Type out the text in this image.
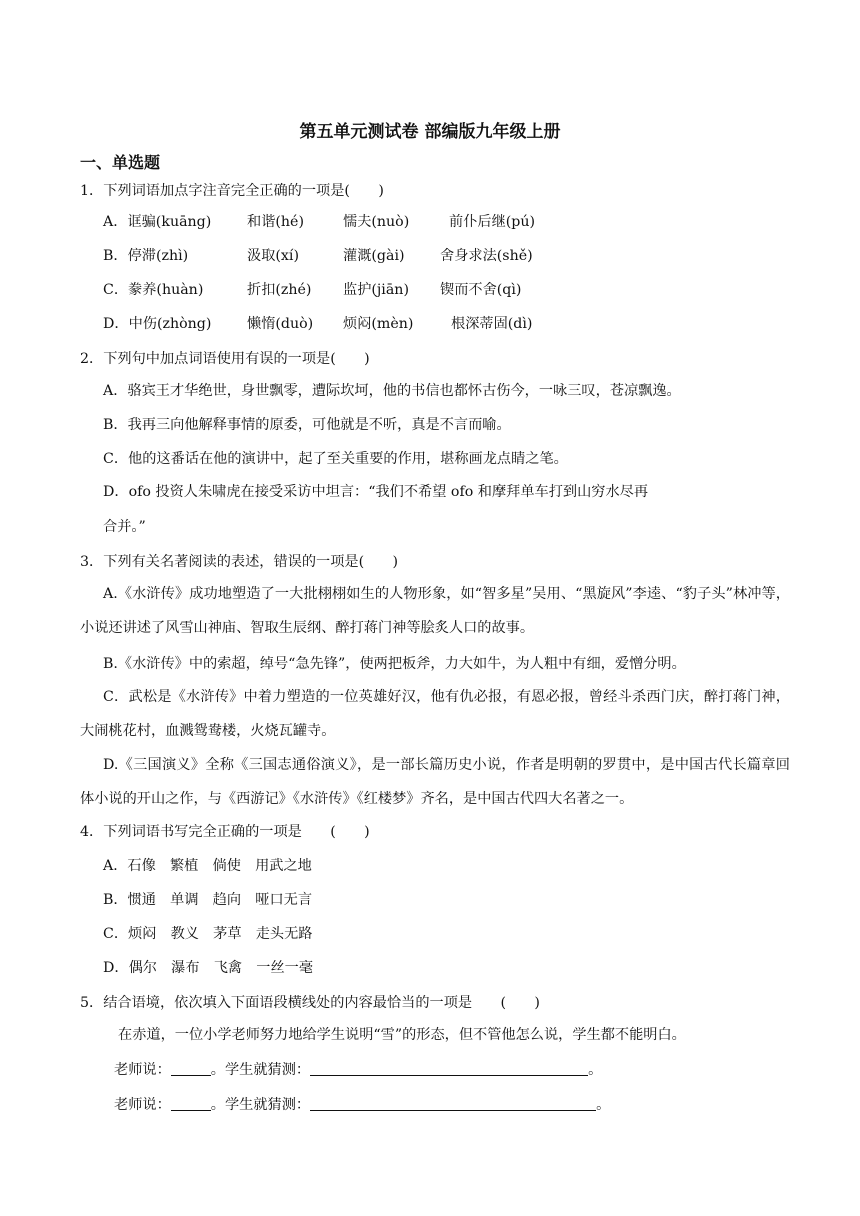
第五单元测试卷 部编版九年级上册
一、单选题
1．下列词语加点字注音完全正确的一项是(　　)
A．诓骗(kuāng)	和谐(hé)	懦夫(nuò)	前仆后继(pú)
B．停滞(zhì)	汲取(xí)	灌溉(gài) 舍身求法(shě)
C．豢养(huàn)	折扣(zhé) 监护(jiān) 锲而不舍(qì)
D．中伤(zhòng)	懒惰(duò) 烦闷(mèn)	根深蒂固(dì)
2．下列句中加点词语使用有误的一项是(　　)
A．骆宾王才华绝世，身世飘零，遭际坎坷，他的书信也都怀古伤今，一咏三叹，苍凉飘逸。
B．我再三向他解释事情的原委，可他就是不听，真是不言而喻。
C．他的这番话在他的演讲中，起了至关重要的作用，堪称画龙点睛之笔。
D．ofo 投资人朱啸虎在接受采访中坦言：“我们不希望 ofo 和摩拜单车打到山穷水尽再
合并。”
3．下列有关名著阅读的表述，错误的一项是(　　)
A.《水浒传》成功地塑造了一大批栩栩如生的人物形象，如“智多星”吴用、“黑旋风”李逵、“豹子头”林冲等，小说还讲述了风雪山神庙、智取生辰纲、醉打蒋门神等脍炙人口的故事。
B.《水浒传》中的索超，绰号“急先锋”，使两把板斧，力大如牛，为人粗中有细，爱憎分明。
C．武松是《水浒传》中着力塑造的一位英雄好汉，他有仇必报，有恩必报，曾经斗杀西门庆，醉打蒋门神，大闹桃花村，血溅鸳鸯楼，火烧瓦罐寺。
D.《三国演义》全称《三国志通俗演义》，是一部长篇历史小说，作者是明朝的罗贯中，是中国古代长篇章回体小说的开山之作，与《西游记》《水浒传》《红楼梦》齐名，是中国古代四大名著之一。
4．下列词语书写完全正确的一项是　　(　　)
A．石像　繁植　倘使　用武之地
B．惯通　单调　趋向　哑口无言
C．烦闷　教义　茅草　走头无路
D．偶尔　瀑布　飞禽　一丝一毫
5．结合语境，依次填入下面语段横线处的内容最恰当的一项是　　(　　)
在赤道，一位小学老师努力地给学生说明“雪”的形态，但不管他怎么说，学生都不能明白。
老师说：	。学生就猜测：	。
老师说：	。学生就猜测：	。
